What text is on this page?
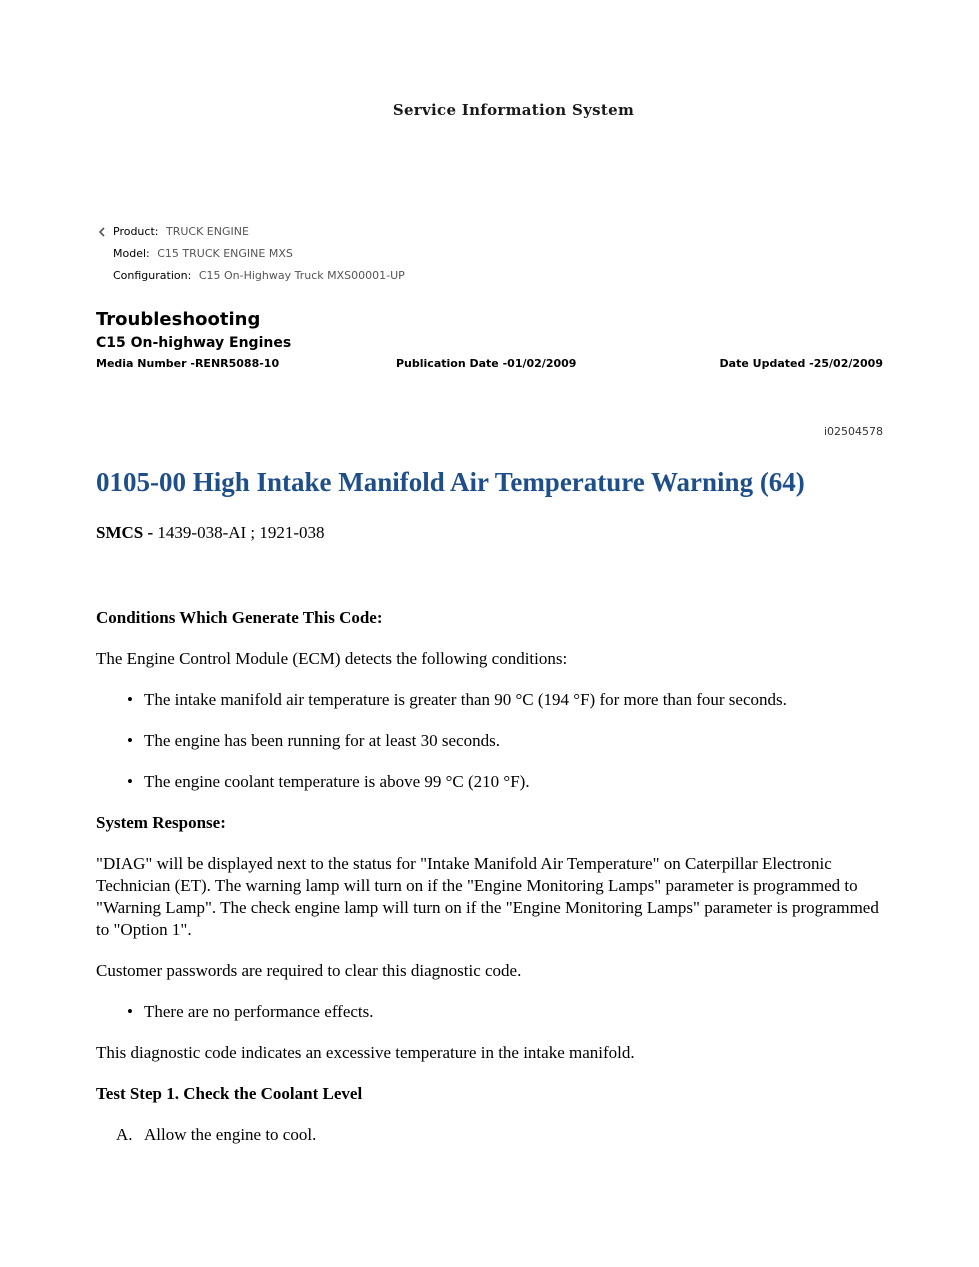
Service Information System
Product: TRUCK ENGINE
Model: C15 TRUCK ENGINE MXS
Configuration: C15 On-Highway Truck MXS00001-UP
Troubleshooting
C15 On-highway Engines
Media Number -RENR5088-10	Publication Date -01/02/2009	Date Updated -25/02/2009
i02504578
0105-00 High Intake Manifold Air Temperature Warning (64)

SMCS - 1439-038-AI ; 1921-038

Conditions Which Generate This Code:

The Engine Control Module (ECM) detects the following conditions:

• The intake manifold air temperature is greater than 90 °C (194 °F) for more than four seconds.
• The engine has been running for at least 30 seconds.
• The engine coolant temperature is above 99 °C (210 °F).

System Response:

"DIAG" will be displayed next to the status for "Intake Manifold Air Temperature" on Caterpillar Electronic Technician (ET). The warning lamp will turn on if the "Engine Monitoring Lamps" parameter is programmed to "Warning Lamp". The check engine lamp will turn on if the "Engine Monitoring Lamps" parameter is programmed to "Option 1".

Customer passwords are required to clear this diagnostic code.

• There are no performance effects.

This diagnostic code indicates an excessive temperature in the intake manifold.

Test Step 1. Check the Coolant Level

A. Allow the engine to cool.
